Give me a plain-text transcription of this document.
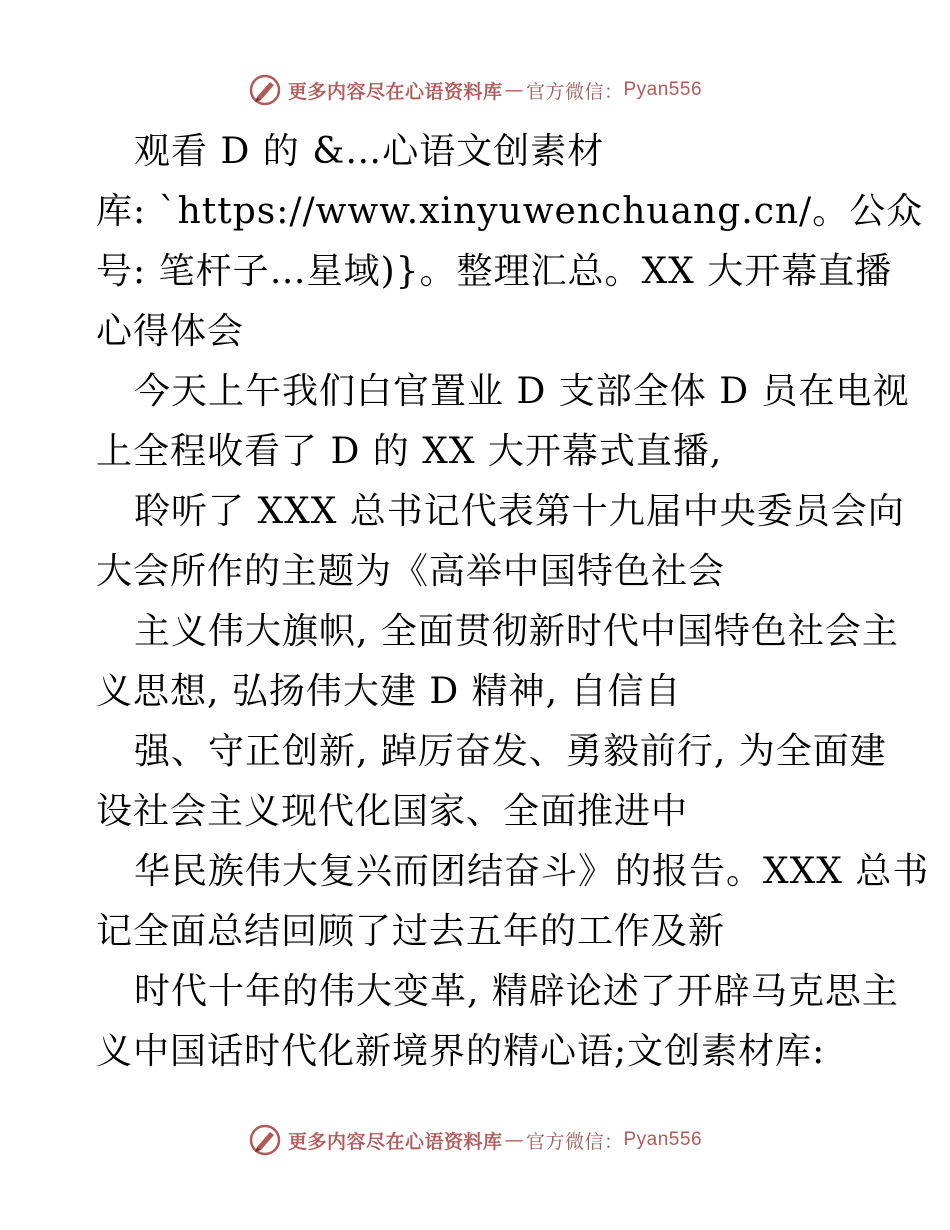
更多内容尽在心语资料库 — 官方微信： Pyan556
观看 D 的 &…心语文创素材
库: `https://www.xinyuwenchuang.cn/。公众
号: 笔杆子…星域)}。整理汇总。XX 大开幕直播
心得体会
今天上午我们白官置业 D 支部全体 D 员在电视
上全程收看了 D 的 XX 大开幕式直播,
聆听了 XXX 总书记代表第十九届中央委员会向
大会所作的主题为《高举中国特色社会
主义伟大旗帜, 全面贯彻新时代中国特色社会主
义思想, 弘扬伟大建 D 精神, 自信自
强、守正创新, 踔厉奋发、勇毅前行, 为全面建
设社会主义现代化国家、全面推进中
华民族伟大复兴而团结奋斗》的报告。XXX 总书
记全面总结回顾了过去五年的工作及新
时代十年的伟大变革, 精辟论述了开辟马克思主
义中国话时代化新境界的精心语;文创素材库:
更多内容尽在心语资料库 — 官方微信： Pyan556
